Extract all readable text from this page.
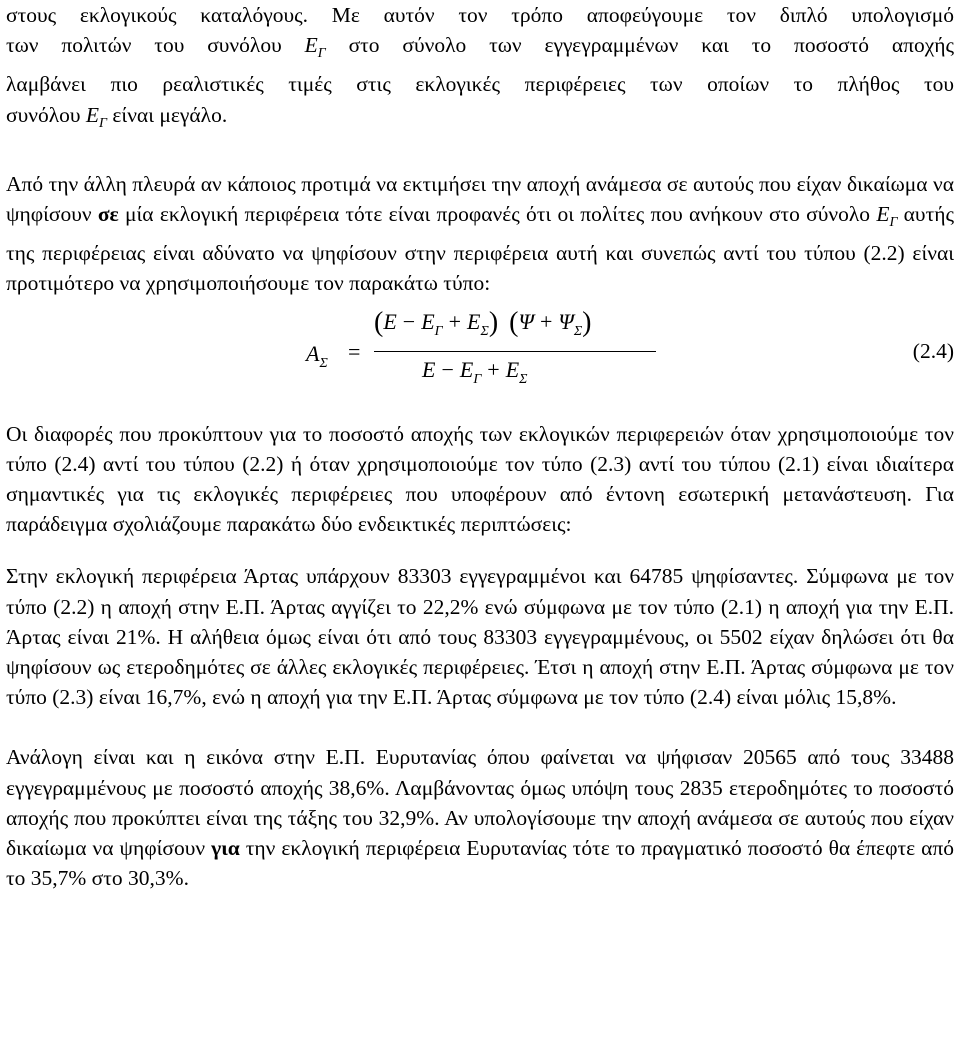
στους εκλογικούς καταλόγους. Με αυτόν τον τρόπο αποφεύγουμε τον διπλό υπολογισμό

των πολιτών του συνόλου $E_\Gamma$ στο σύνολο των εγγεγραμμένων και το ποσοστό αποχής

λαμβάνει πιο ρεαλιστικές τιμές στις εκλογικές περιφέρειες των οποίων το πλήθος του

συνόλου $E_\Gamma$ είναι μεγάλο.

Από την άλλη πλευρά αν κάποιος προτιμά να εκτιμήσει την αποχή ανάμεσα σε αυτούς που είχαν δικαίωμα να ψηφίσουν σε μία εκλογική περιφέρεια τότε είναι προφανές ότι οι πολίτες που ανήκουν στο σύνολο $E_\Gamma$ αυτής της περιφέρειας είναι αδύνατο να ψηφίσουν στην περιφέρεια αυτή και συνεπώς αντί του τύπου (2.2) είναι προτιμότερο να χρησιμοποιήσουμε τον παρακάτω τύπο:

$A_\Sigma$ =
$(E - E_\Gamma + E_\Sigma)$ $(\Psi + \Psi_\Sigma)$
$E - E_\Gamma + E_\Sigma$
(2.4)

Οι διαφορές που προκύπτουν για το ποσοστό αποχής των εκλογικών περιφερειών όταν χρησιμοποιούμε τον τύπο (2.4) αντί του τύπου (2.2) ή όταν χρησιμοποιούμε τον τύπο (2.3) αντί του τύπου (2.1) είναι ιδιαίτερα σημαντικές για τις εκλογικές περιφέρειες που υποφέρουν από έντονη εσωτερική μετανάστευση. Για παράδειγμα σχολιάζουμε παρακάτω δύο ενδεικτικές περιπτώσεις:

Στην εκλογική περιφέρεια Άρτας υπάρχουν 83303 εγγεγραμμένοι και 64785 ψηφίσαντες. Σύμφωνα με τον τύπο (2.2) η αποχή στην Ε.Π. Άρτας αγγίζει το 22,2% ενώ σύμφωνα με τον τύπο (2.1) η αποχή για την Ε.Π. Άρτας είναι 21%. Η αλήθεια όμως είναι ότι από τους 83303 εγγεγραμμένους, οι 5502 είχαν δηλώσει ότι θα ψηφίσουν ως ετεροδημότες σε άλλες εκλογικές περιφέρειες. Έτσι η αποχή στην Ε.Π. Άρτας σύμφωνα με τον τύπο (2.3) είναι 16,7%, ενώ η αποχή για την Ε.Π. Άρτας σύμφωνα με τον τύπο (2.4) είναι μόλις 15,8%.

Ανάλογη είναι και η εικόνα στην Ε.Π. Ευρυτανίας όπου φαίνεται να ψήφισαν 20565 από τους 33488 εγγεγραμμένους με ποσοστό αποχής 38,6%. Λαμβάνοντας όμως υπόψη τους 2835 ετεροδημότες το ποσοστό αποχής που προκύπτει είναι της τάξης του 32,9%. Αν υπολογίσουμε την αποχή ανάμεσα σε αυτούς που είχαν δικαίωμα να ψηφίσουν για την εκλογική περιφέρεια Ευρυτανίας τότε το πραγματικό ποσοστό θα έπεφτε από το 35,7% στο 30,3%.
